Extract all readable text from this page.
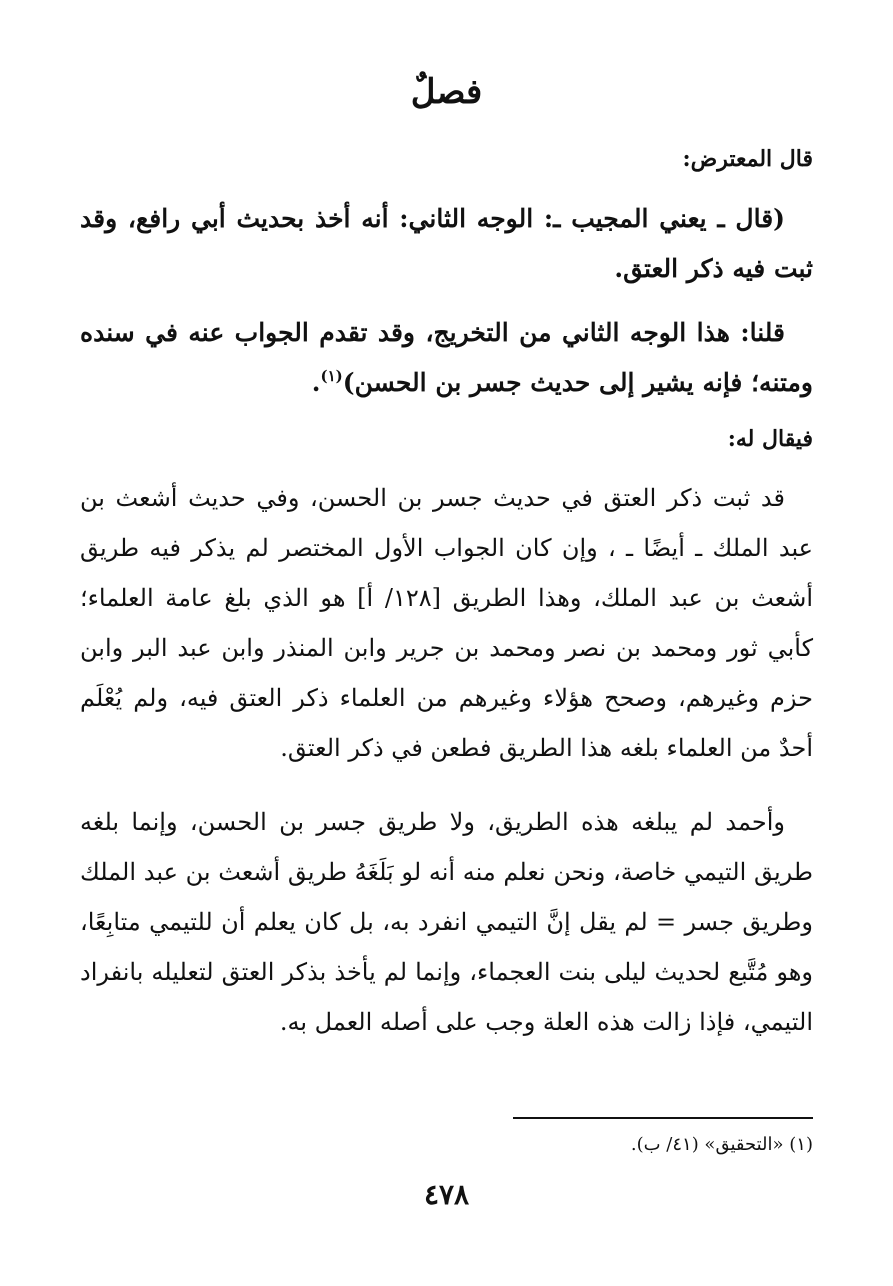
فصلٌ

قال المعترض:

(قال ـ يعني المجيب ـ: الوجه الثاني: أنه أخذ بحديث أبي رافع، وقد ثبت فيه ذكر العتق.

قلنا: هذا الوجه الثاني من التخريج، وقد تقدم الجواب عنه في سنده ومتنه؛ فإنه يشير إلى حديث جسر بن الحسن)$^{(١)}$.

فيقال له:

قد ثبت ذكر العتق في حديث جسر بن الحسن، وفي حديث أشعث بن عبد الملك ـ أيضًا ـ ، وإن كان الجواب الأول المختصر لم يذكر فيه طريق أشعث بن عبد الملك، وهذا الطريق [١٢٨/ أ] هو الذي بلغ عامة العلماء؛ كأبي ثور ومحمد بن نصر ومحمد بن جرير وابن المنذر وابن عبد البر وابن حزم وغيرهم، وصحح هؤلاء وغيرهم من العلماء ذكر العتق فيه، ولم يُعْلَم أحدٌ من العلماء بلغه هذا الطريق فطعن في ذكر العتق.

وأحمد لم يبلغه هذه الطريق، ولا طريق جسر بن الحسن، وإنما بلغه طريق التيمي خاصة، ونحن نعلم منه أنه لو بَلَغَهُ طريق أشعث بن عبد الملك وطريق جسر = لم يقل إنَّ التيمي انفرد به، بل كان يعلم أن للتيمي متابِعًا، وهو مُتَّبع لحديث ليلى بنت العجماء، وإنما لم يأخذ بذكر العتق لتعليله بانفراد التيمي، فإذا زالت هذه العلة وجب على أصله العمل به.

(١) «التحقيق» (٤١/ ب).

٤٧٨
